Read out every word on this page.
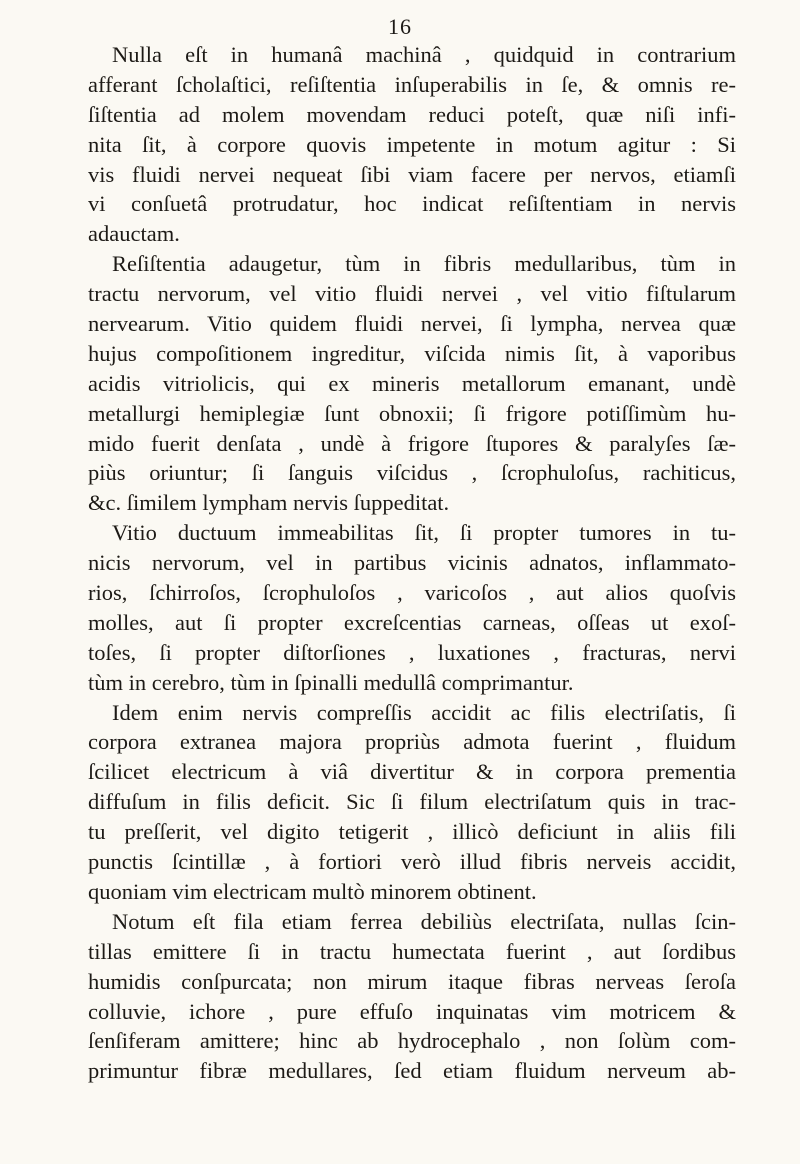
16
Nulla eſt in humanâ machinâ , quidquid in contrarium
afferant ſcholaſtici, reſiſtentia inſuperabilis in ſe, & omnis re-
ſiſtentia ad molem movendam reduci poteſt, quæ niſi infi-
nita ſit, à corpore quovis impetente in motum agitur : Si
vis fluidi nervei nequeat ſibi viam facere per nervos, etiamſi
vi conſuetâ protrudatur, hoc indicat reſiſtentiam in nervis
adauctam.
Reſiſtentia adaugetur, tùm in fibris medullaribus, tùm in
tractu nervorum, vel vitio fluidi nervei , vel vitio fiſtularum
nervearum. Vitio quidem fluidi nervei, ſi lympha, nervea quæ
hujus compoſitionem ingreditur, viſcida nimis ſit, à vaporibus
acidis vitriolicis, qui ex mineris metallorum emanant, undè
metallurgi hemiplegiæ ſunt obnoxii; ſi frigore potiſſimùm hu-
mido fuerit denſata , undè à frigore ſtupores & paralyſes ſæ-
piùs oriuntur; ſi ſanguis viſcidus , ſcrophuloſus, rachiticus,
&c. ſimilem lympham nervis ſuppeditat.
Vitio ductuum immeabilitas ſit, ſi propter tumores in tu-
nicis nervorum, vel in partibus vicinis adnatos, inflammato-
rios, ſchirroſos, ſcrophuloſos , varicoſos , aut alios quoſvis
molles, aut ſi propter excreſcentias carneas, oſſeas ut exoſ-
toſes, ſi propter diſtorſiones , luxationes , fracturas, nervi
tùm in cerebro, tùm in ſpinalli medullâ comprimantur.
Idem enim nervis compreſſis accidit ac filis electriſatis, ſi
corpora extranea majora propriùs admota fuerint , fluidum
ſcilicet electricum à viâ divertitur & in corpora prementia
diffuſum in filis deficit. Sic ſi filum electriſatum quis in trac-
tu preſſerit, vel digito tetigerit , illicò deficiunt in aliis fili
punctis ſcintillæ , à fortiori verò illud fibris nerveis accidit,
quoniam vim electricam multò minorem obtinent.
Notum eſt fila etiam ferrea debiliùs electriſata, nullas ſcin-
tillas emittere ſi in tractu humectata fuerint , aut ſordibus
humidis conſpurcata; non mirum itaque fibras nerveas ſeroſa
colluvie, ichore , pure effuſo inquinatas vim motricem &
ſenſiferam amittere; hinc ab hydrocephalo , non ſolùm com-
primuntur fibræ medullares, ſed etiam fluidum nerveum ab-
